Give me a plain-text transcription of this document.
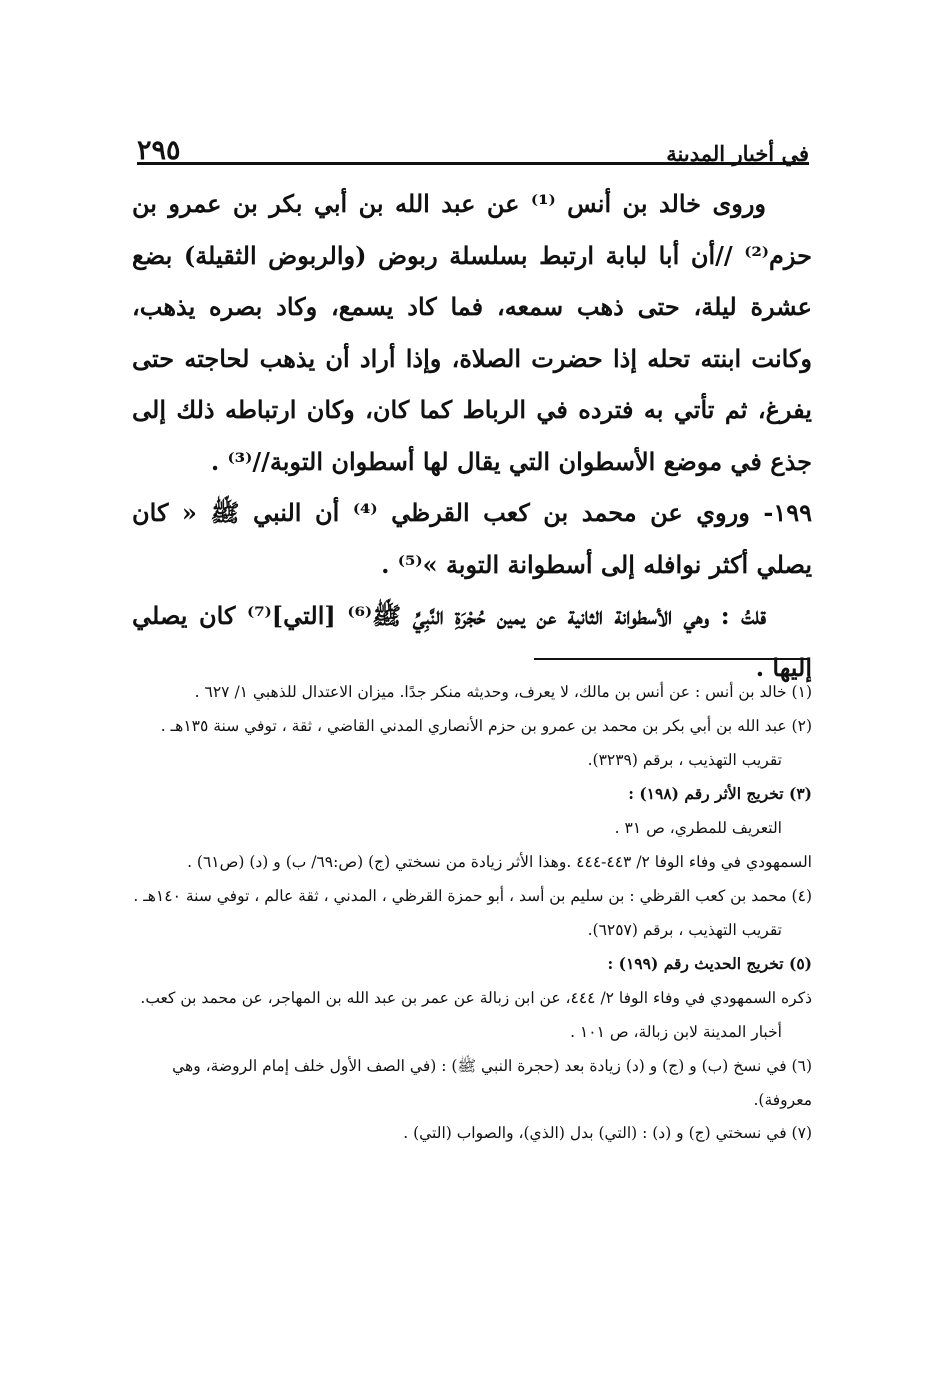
٢٩٥	في أخبار المدينة

وروى خالد بن أنس ⁽¹⁾ عن عبد الله بن أبي بكر بن عمرو بن حزم⁽²⁾ //أن أبا لبابة ارتبط بسلسلة ربوض (والربوض الثقيلة) بضع عشرة ليلة، حتى ذهب سمعه، فما كاد يسمع، وكاد بصره يذهب، وكانت ابنته تحله إذا حضرت الصلاة، وإذا أراد أن يذهب لحاجته حتى يفرغ، ثم تأتي به فترده في الرباط كما كان، وكان ارتباطه ذلك إلى جذع في موضع الأسطوان التي يقال لها أسطوان التوبة//⁽³⁾ .

١٩٩- وروي عن محمد بن كعب القرظي ⁽⁴⁾ أن النبي ﷺ « كان يصلي أكثر نوافله إلى أسطوانة التوبة »⁽⁵⁾ .

قلتُ : وهي الأسطوانة الثانية عن يمين حُجْرَةِ النَّبِيِّ ﷺ⁽⁶⁾ [التي]⁽⁷⁾ كان يصلي إليها .

(١) خالد بن أنس : عن أنس بن مالك، لا يعرف، وحديثه منكر جدًا. ميزان الاعتدال للذهبي ١/ ٦٢٧ .

(٢) عبد الله بن أبي بكر بن محمد بن عمرو بن حزم الأنصاري المدني القاضي ، ثقة ، توفي سنة ١٣٥هـ .

تقريب التهذيب ، برقم (٣٢٣٩).

(٣) تخريج الأثر رقم (١٩٨) :

التعريف للمطري، ص ٣١ .

السمهودي في وفاء الوفا ٢/ ٤٤٣-٤٤٤ .وهذا الأثر زيادة من نسختي (ج) (ص:٦٩/ ب) و (د) (ص٦١) .

(٤) محمد بن كعب القرظي : بن سليم بن أسد ، أبو حمزة القرظي ، المدني ، ثقة عالم ، توفي سنة ١٤٠هـ .

تقريب التهذيب ، برقم (٦٢٥٧).

(٥) تخريج الحديث رقم (١٩٩) :

ذكره السمهودي في وفاء الوفا ٢/ ٤٤٤، عن ابن زبالة عن عمر بن عبد الله بن المهاجر، عن محمد بن كعب.

أخبار المدينة لابن زبالة، ص ١٠١ .

(٦) في نسخ (ب) و (ج) و (د) زيادة بعد (حجرة النبي ﷺ) : (في الصف الأول خلف إمام الروضة، وهي معروفة).

(٧) في نسختي (ج) و (د) : (التي) بدل (الذي)، والصواب (التي) .
